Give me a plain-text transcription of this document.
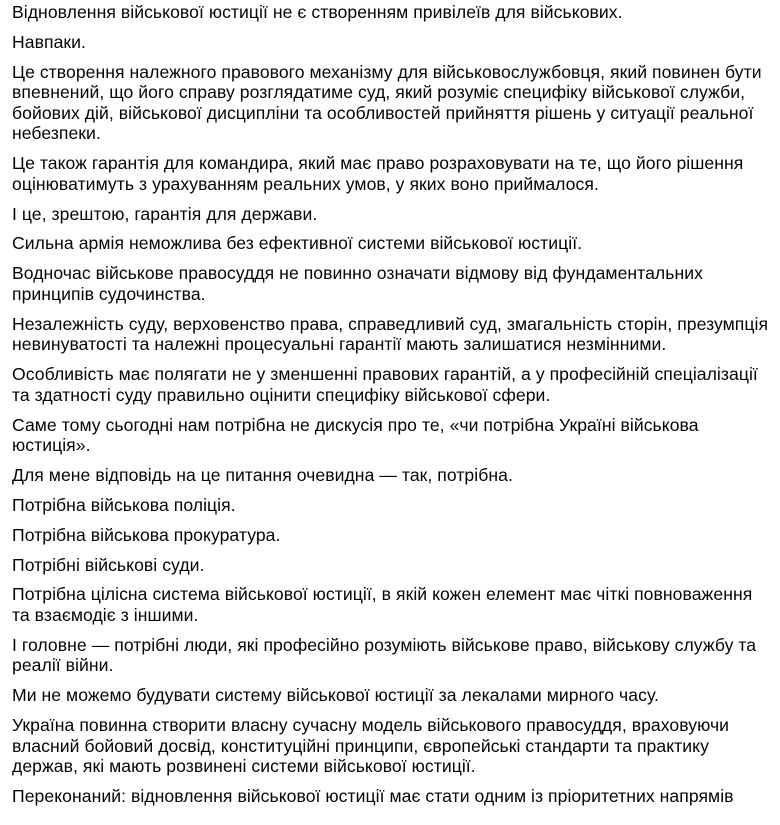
Відновлення військової юстиції не є створенням привілеїв для військових.

Навпаки.

Це створення належного правового механізму для військовослужбовця, який повинен бути впевнений, що його справу розглядатиме суд, який розуміє специфіку військової служби, бойових дій, військової дисципліни та особливостей прийняття рішень у ситуації реальної небезпеки.

Це також гарантія для командира, який має право розраховувати на те, що його рішення оцінюватимуть з урахуванням реальних умов, у яких воно приймалося.

І це, зрештою, гарантія для держави.

Сильна армія неможлива без ефективної системи військової юстиції.

Водночас військове правосуддя не повинно означати відмову від фундаментальних принципів судочинства.

Незалежність суду, верховенство права, справедливий суд, змагальність сторін, презумпція невинуватості та належні процесуальні гарантії мають залишатися незмінними.

Особливість має полягати не у зменшенні правових гарантій, а у професійній спеціалізації та здатності суду правильно оцінити специфіку військової сфери.

Саме тому сьогодні нам потрібна не дискусія про те, «чи потрібна Україні військова юстиція».

Для мене відповідь на це питання очевидна — так, потрібна.

Потрібна військова поліція.

Потрібна військова прокуратура.

Потрібні військові суди.

Потрібна цілісна система військової юстиції, в якій кожен елемент має чіткі повноваження та взаємодіє з іншими.

І головне — потрібні люди, які професійно розуміють військове право, військову службу та реалії війни.

Ми не можемо будувати систему військової юстиції за лекалами мирного часу.

Україна повинна створити власну сучасну модель військового правосуддя, враховуючи власний бойовий досвід, конституційні принципи, європейські стандарти та практику держав, які мають розвинені системи військової юстиції.

Переконаний: відновлення військової юстиції має стати одним із пріоритетних напрямів
